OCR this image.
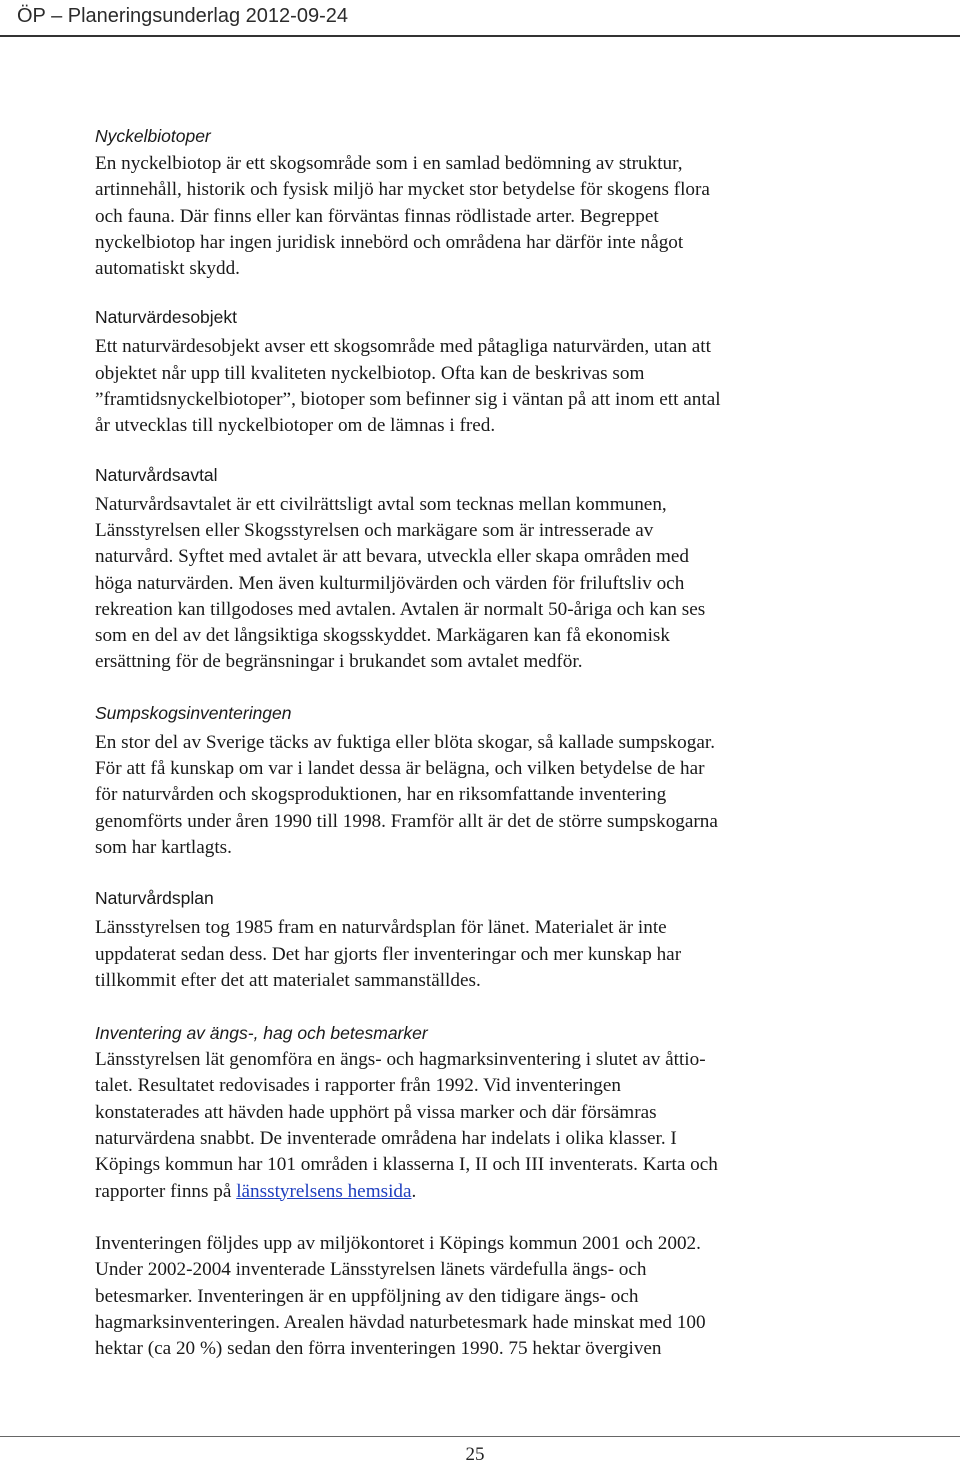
ÖP – Planeringsunderlag 2012-09-24

Nyckelbiotoper

En nyckelbiotop är ett skogsområde som i en samlad bedömning av struktur,
artinnehåll, historik och fysisk miljö har mycket stor betydelse för skogens flora
och fauna. Där finns eller kan förväntas finnas rödlistade arter. Begreppet
nyckelbiotop har ingen juridisk innebörd och områdena har därför inte något
automatiskt skydd.

Naturvärdesobjekt

Ett naturvärdesobjekt avser ett skogsområde med påtagliga naturvärden, utan att
objektet når upp till kvaliteten nyckelbiotop. Ofta kan de beskrivas som
”framtidsnyckelbiotoper”, biotoper som befinner sig i väntan på att inom ett antal
år utvecklas till nyckelbiotoper om de lämnas i fred.

Naturvårdsavtal

Naturvårdsavtalet är ett civilrättsligt avtal som tecknas mellan kommunen,
Länsstyrelsen eller Skogsstyrelsen och markägare som är intresserade av
naturvård. Syftet med avtalet är att bevara, utveckla eller skapa områden med
höga naturvärden. Men även kulturmiljövärden och värden för friluftsliv och
rekreation kan tillgodoses med avtalen. Avtalen är normalt 50-åriga och kan ses
som en del av det långsiktiga skogsskyddet. Markägaren kan få ekonomisk
ersättning för de begränsningar i brukandet som avtalet medför.

Sumpskogsinventeringen

En stor del av Sverige täcks av fuktiga eller blöta skogar, så kallade sumpskogar.
För att få kunskap om var i landet dessa är belägna, och vilken betydelse de har
för naturvården och skogsproduktionen, har en riksomfattande inventering
genomförts under åren 1990 till 1998. Framför allt är det de större sumpskogarna
som har kartlagts.

Naturvårdsplan

Länsstyrelsen tog 1985 fram en naturvårdsplan för länet. Materialet är inte
uppdaterat sedan dess. Det har gjorts fler inventeringar och mer kunskap har
tillkommit efter det att materialet sammanställdes.

Inventering av ängs-, hag och betesmarker

Länsstyrelsen lät genomföra en ängs- och hagmarksinventering i slutet av åttio-
talet. Resultatet redovisades i rapporter från 1992. Vid inventeringen
konstaterades att hävden hade upphört på vissa marker och där försämras
naturvärdena snabbt. De inventerade områdena har indelats i olika klasser. I
Köpings kommun har 101 områden i klasserna I, II och III inventerats. Karta och
rapporter finns på länsstyrelsens hemsida.
Inventeringen följdes upp av miljökontoret i Köpings kommun 2001 och 2002.
Under 2002-2004 inventerade Länsstyrelsen länets värdefulla ängs- och
betesmarker. Inventeringen är en uppföljning av den tidigare ängs- och
hagmarksinventeringen. Arealen hävdad naturbetesmark hade minskat med 100
hektar (ca 20 %) sedan den förra inventeringen 1990. 75 hektar övergiven
25
